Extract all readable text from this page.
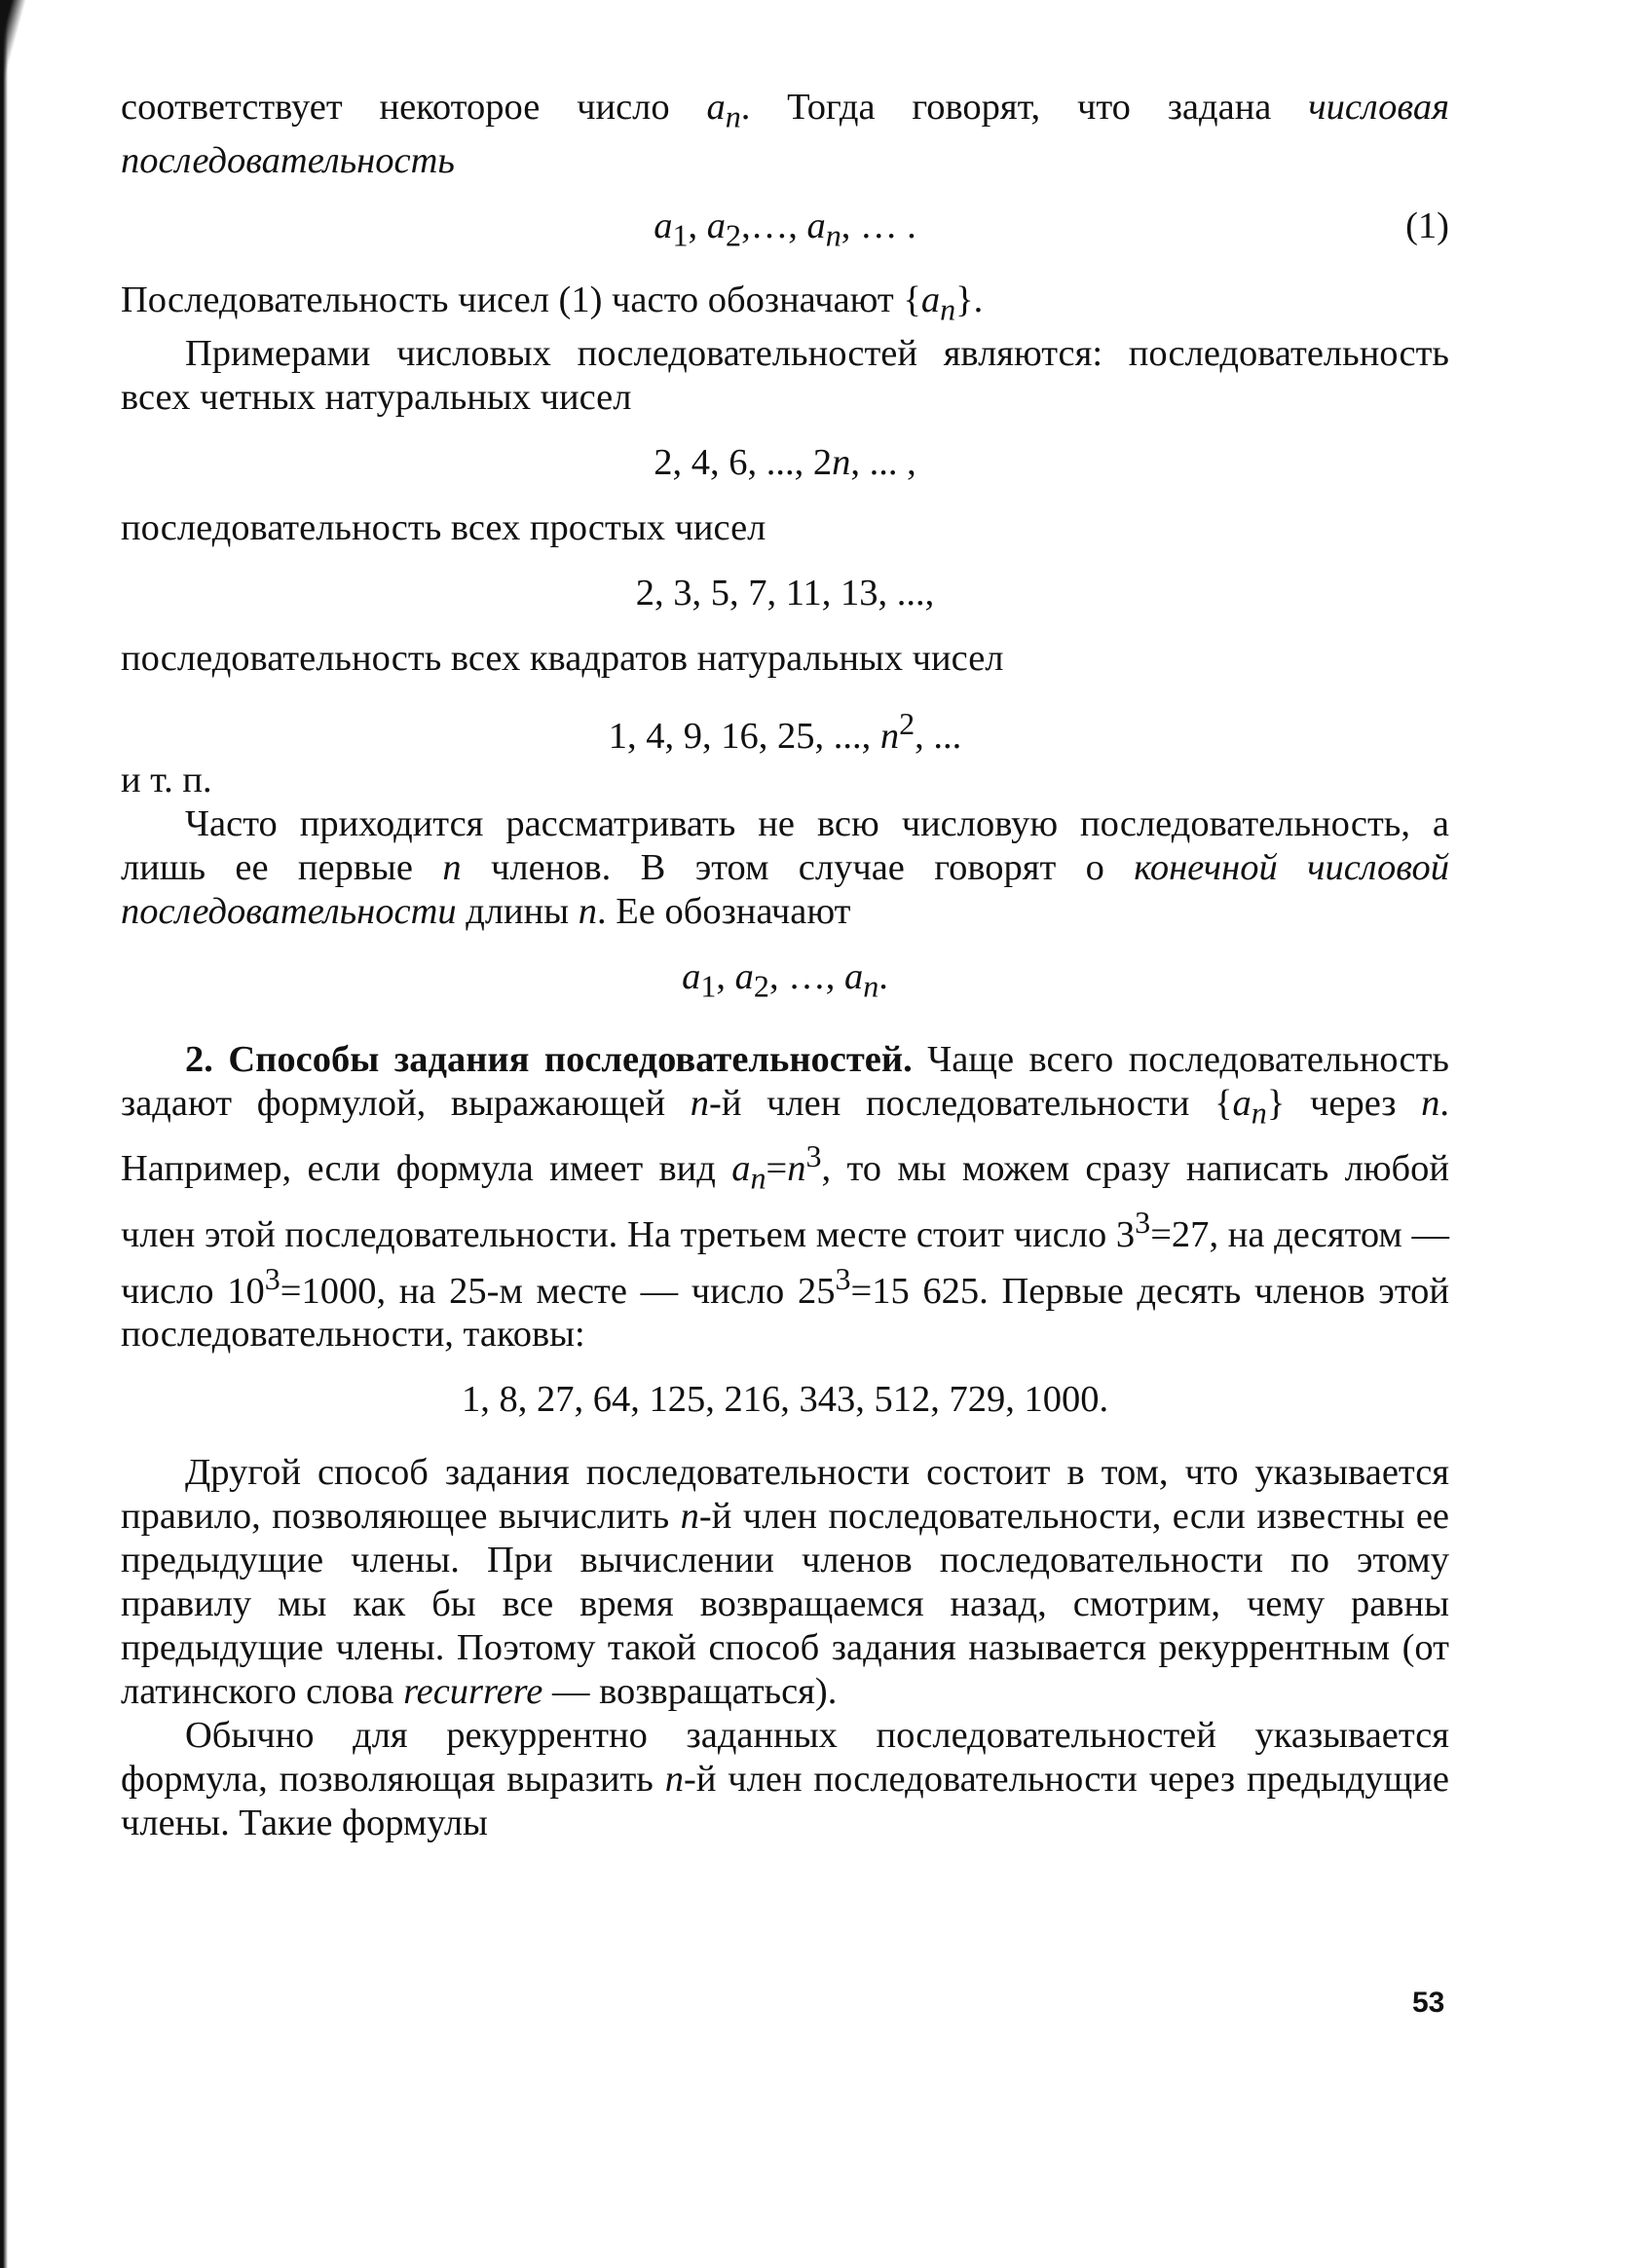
соответствует некоторое число $a_n$. Тогда говорят, что задана числовая последовательность

$a_1$, $a_2,\dots$, $a_n$, … .	(1)

Последовательность чисел (1) часто обозначают $\{a_n\}$.

Примерами числовых последовательностей являются: последовательность всех четных натуральных чисел

2, 4, 6, ..., 2n, ... ,

последовательность всех простых чисел

2, 3, 5, 7, 11, 13, ...,

последовательность всех квадратов натуральных чисел

1, 4, 9, 16, 25, ..., $n^2$, ...

и т. п.

Часто приходится рассматривать не всю числовую последовательность, а лишь ее первые n членов. В этом случае говорят о конечной числовой последовательности длины n. Ее обозначают

$a_1$, $a_2$, …, $a_n$.

2. Способы задания последовательностей. Чаще всего последовательность задают формулой, выражающей n-й член последовательности $\{a_n\}$ через n. Например, если формула имеет вид $a_n=n^3$, то мы можем сразу написать любой член этой последовательности. На третьем месте стоит число $3^3=27$, на десятом — число $10^3=1000$, на 25-м месте — число $25^3=15$ 625. Первые десять членов этой последовательности, таковы:

1, 8, 27, 64, 125, 216, 343, 512, 729, 1000.

Другой способ задания последовательности состоит в том, что указывается правило, позволяющее вычислить n-й член последовательности, если известны ее предыдущие члены. При вычислении членов последовательности по этому правилу мы как бы все время возвращаемся назад, смотрим, чему равны предыдущие члены. Поэтому такой способ задания называется рекуррентным (от латинского слова recurrere — возвращаться).

Обычно для рекуррентно заданных последовательностей указывается формула, позволяющая выразить n-й член последовательности через предыдущие члены. Такие формулы

53
